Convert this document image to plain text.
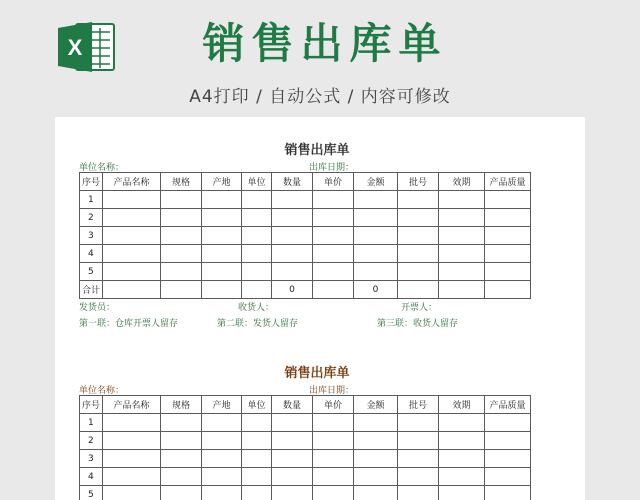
X	销售出库单
A4打印 / 自动公式 / 内容可修改
销售出库单
单位名称：	出库日期：
序号	产品名称	规格	产地	单位	数量	单价	金额	批号	效期	产品质量
1										
2										
3										
4										
5										
合计					0		0			
发货员：	收货人：	开票人：
第一联：仓库开票人留存	第二联：发货人留存	第三联：收货人留存
销售出库单
单位名称：	出库日期：
序号	产品名称	规格	产地	单位	数量	单价	金额	批号	效期	产品质量
1										
2										
3										
4										
5										
